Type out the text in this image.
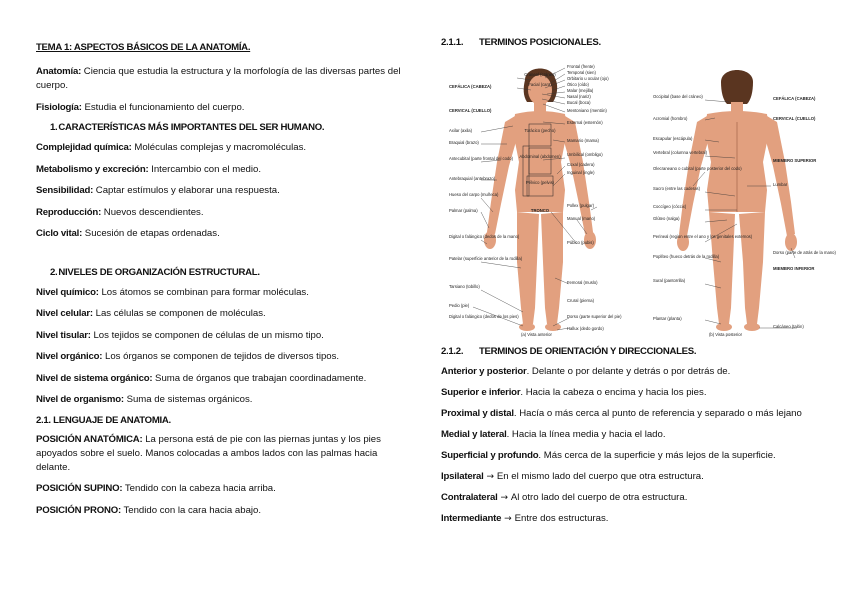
TEMA 1: ASPECTOS BÁSICOS DE LA ANATOMÍA.

Anatomía: Ciencia que estudia la estructura y la morfología de las diversas partes del cuerpo.

Fisiología: Estudia el funcionamiento del cuerpo.

1. CARACTERÍSTICAS MÁS IMPORTANTES DEL SER HUMANO.

Complejidad química: Moléculas complejas y macromoléculas.

Metabolismo y excreción: Intercambio con el medio.

Sensibilidad: Captar estímulos y elaborar una respuesta.

Reproducción: Nuevos descendientes.

Ciclo vital: Sucesión de etapas ordenadas.

2. NIVELES DE ORGANIZACIÓN ESTRUCTURAL.

Nivel químico: Los átomos se combinan para formar moléculas.

Nivel celular: Las células se componen de moléculas.

Nivel tisular: Los tejidos se componen de células de un mismo tipo.

Nivel orgánico: Los órganos se componen de tejidos de diversos tipos.

Nivel de sistema orgánico: Suma de órganos que trabajan coordinadamente.

Nivel de organismo: Suma de sistemas orgánicos.

2.1. LENGUAJE DE ANATOMIA.

POSICIÓN ANATÓMICA: La persona está de pie con las piernas juntas y los pies apoyados sobre el suelo. Manos colocadas a ambos lados con las palmas hacia delante.

POSICIÓN SUPINO: Tendido con la cabeza hacia arriba.

POSICIÓN PRONO: Tendido con la cara hacia abajo.

2.1.1. TERMINOS POSICIONALES.
CEFÁLICA (CABEZA)
CERVICAL (CUELLO)
Axilar (axila)
Braquial (brazo)
Antecubital (parte frontal del codo)
Antebraquial (antebrazo)
Hueso del carpo (muñeca)
Palmar (palma)
Digital o falángico (dedos de la mano)
Patelar (superficie anterior de la rodilla)
Tarsiano (tobillo)
Pedio (pie)
Digital o falángico (dedos de los pies)
Frontal (frente)
Temporal (sien)
Orbitario u ocular (ojo)
Ótico (oído)
Malar (mejilla)
Nasal (nariz)
Bucal (boca)
Mentoniano (mentón)
Esternal (esternón)
Mamario (mama)
Umbilical (ombligo)
Coxal (cadera)
Inguinal (ingle)
Pollex (pulgar)
Manual (mano)
Púbico (pubis)
Femoral (muslo)
Crural (pierna)
Dorso (parte superior del pie)
Hallux (dedo gordo)
Craneal (cráneo)
Facial (cara)
Torácico (pecho)
Abdominal (abdomen)
TRONCO
Pélvico (pelvis)
Occipital (base del cráneo)
Acromial (hombro)
Escapular (escápula)
Vertebral (columna vertebral)
Olecraneano o cubital (parte posterior del codo)
Sacro (entre las caderas)
Coccígeo (cóccix)
Glúteo (nalga)
Perineal (región entre el ano y los genitales externos)
Poplíteo (hueco detrás de la rodilla)
Sural (pantorrilla)
Plantar (planta)
CEFÁLICA (CABEZA)
CERVICAL (CUELLO)
MIEMBRO SUPERIOR
Lumbar
Dorso (parte de atrás de la mano)
MIEMBRO INFERIOR
Calcáneo (talón)
(a) Vista anterior	(b) Vista posterior
2.1.2. TERMINOS DE ORIENTACIÓN Y DIRECCIONALES.

Anterior y posterior. Delante o por delante y detrás o por detrás de.

Superior e inferior. Hacia la cabeza o encima y hacia los pies.

Proximal y distal. Hacía o más cerca al punto de referencia y separado o más lejano

Medial y lateral. Hacia la línea media y hacia el lado.

Superficial y profundo. Más cerca de la superficie y más lejos de la superficie.

Ipsilateral → En el mismo lado del cuerpo que otra estructura.

Contralateral → Al otro lado del cuerpo de otra estructura.

Intermediante → Entre dos estructuras.
